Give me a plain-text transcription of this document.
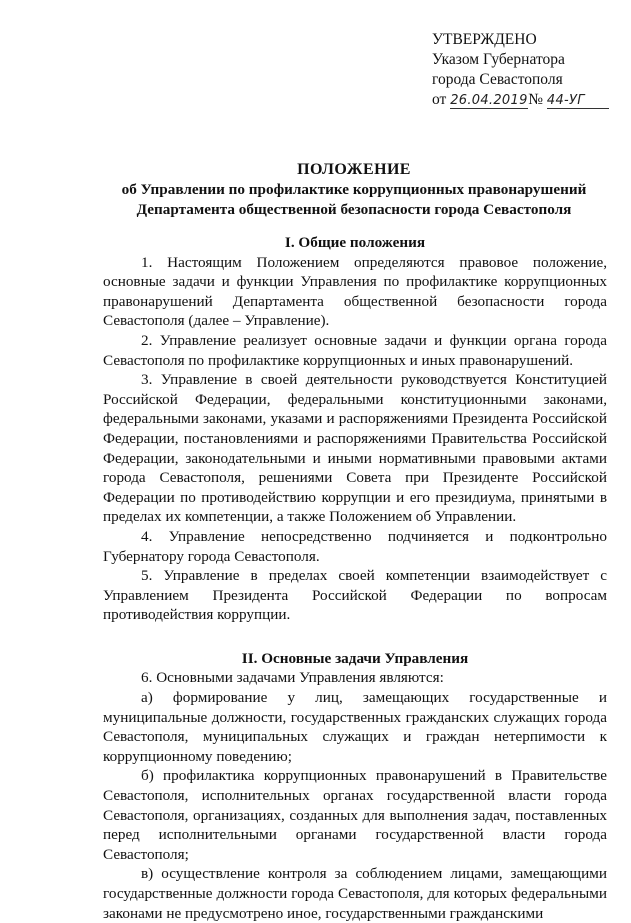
УТВЕРЖДЕНО
Указом Губернатора
города Севастополя
от 26.04.2019№ 44-УГ
ПОЛОЖЕНИЕ
об Управлении по профилактике коррупционных правонарушений
Департамента общественной безопасности города Севастополя

I. Общие положения

1. Настоящим Положением определяются правовое положение, основные задачи и функции Управления по профилактике коррупционных правонарушений Департамента общественной безопасности города Севастополя (далее – Управление).

2. Управление реализует основные задачи и функции органа города Севастополя по профилактике коррупционных и иных правонарушений.

3. Управление в своей деятельности руководствуется Конституцией Российской Федерации, федеральными конституционными законами, федеральными законами, указами и распоряжениями Президента Российской Федерации, постановлениями и распоряжениями Правительства Российской Федерации, законодательными и иными нормативными правовыми актами города Севастополя, решениями Совета при Президенте Российской Федерации по противодействию коррупции и его президиума, принятыми в пределах их компетенции, а также Положением об Управлении.

4. Управление непосредственно подчиняется и подконтрольно Губернатору города Севастополя.

5. Управление в пределах своей компетенции взаимодействует с Управлением Президента Российской Федерации по вопросам противодействия коррупции.

II. Основные задачи Управления

6. Основными задачами Управления являются:

а) формирование у лиц, замещающих государственные и муниципальные должности, государственных гражданских служащих города Севастополя, муниципальных служащих и граждан нетерпимости к коррупционному поведению;

б) профилактика коррупционных правонарушений в Правительстве Севастополя, исполнительных органах государственной власти города Севастополя, организациях, созданных для выполнения задач, поставленных перед исполнительными органами государственной власти города Севастополя;

в) осуществление контроля за соблюдением лицами, замещающими государственные должности города Севастополя, для которых федеральными законами не предусмотрено иное, государственными гражданскими
